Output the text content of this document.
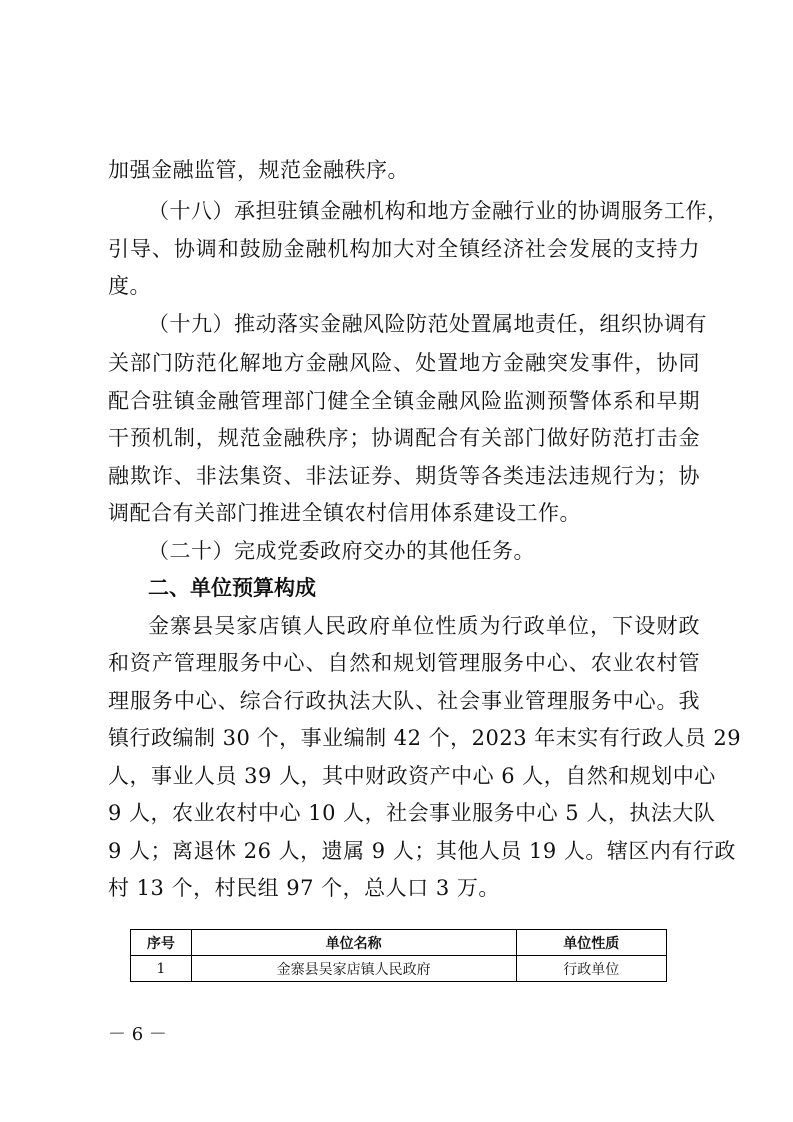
加强金融监管，规范金融秩序。
（十八）承担驻镇金融机构和地方金融行业的协调服务工作，
引导、协调和鼓励金融机构加大对全镇经济社会发展的支持力
度。
（十九）推动落实金融风险防范处置属地责任，组织协调有
关部门防范化解地方金融风险、处置地方金融突发事件，协同
配合驻镇金融管理部门健全全镇金融风险监测预警体系和早期
干预机制，规范金融秩序；协调配合有关部门做好防范打击金
融欺诈、非法集资、非法证券、期货等各类违法违规行为；协
调配合有关部门推进全镇农村信用体系建设工作。
（二十）完成党委政府交办的其他任务。
二、单位预算构成
金寨县吴家店镇人民政府单位性质为行政单位，下设财政
和资产管理服务中心、自然和规划管理服务中心、农业农村管
理服务中心、综合行政执法大队、社会事业管理服务中心。我
镇行政编制 30 个，事业编制 42 个，2023 年末实有行政人员 29
人，事业人员 39 人，其中财政资产中心 6 人，自然和规划中心
9 人，农业农村中心 10 人，社会事业服务中心 5 人，执法大队
9 人；离退休 26 人，遗属 9 人；其他人员 19 人。辖区内有行政
村 13 个，村民组 97 个，总人口 3 万。
序号	单位名称	单位性质
1	金寨县吴家店镇人民政府	行政单位
－ 6 －
